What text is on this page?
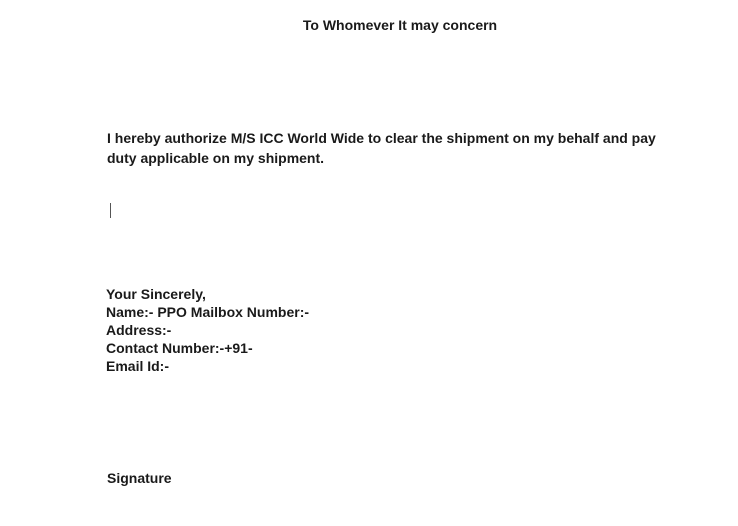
To Whomever It may concern
I hereby authorize M/S ICC World Wide to clear the shipment on my behalf and pay
duty applicable on my shipment.
Your Sincerely,
Name:- PPO Mailbox Number:-
Address:-
Contact Number:-+91-
Email Id:-
Signature
